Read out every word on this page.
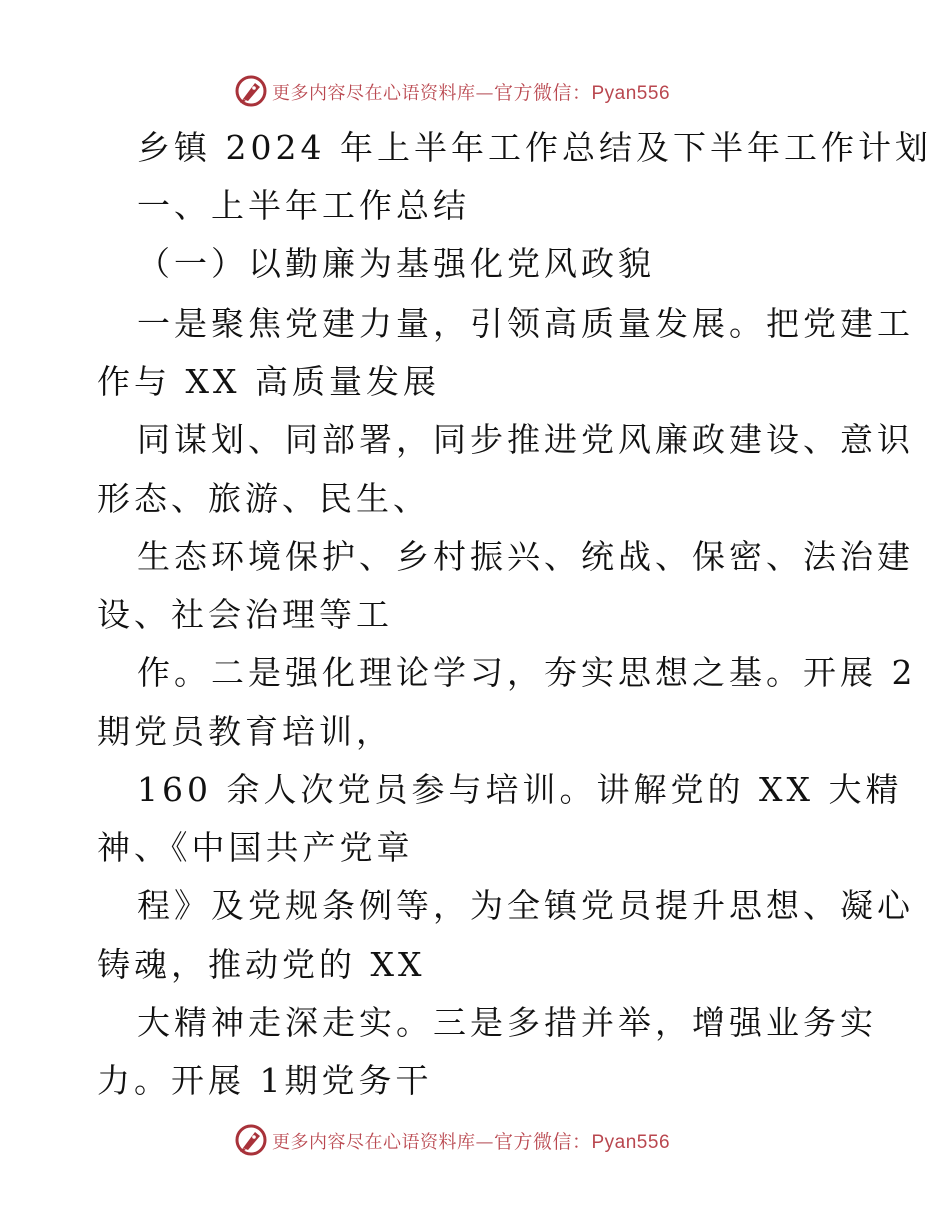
更多内容尽在心语资料库—官方微信：Pyan556
乡镇 2024 年上半年工作总结及下半年工作计划
一、上半年工作总结
（一）以勤廉为基强化党风政貌
一是聚焦党建力量，引领高质量发展。把党建工
作与 XX 高质量发展
同谋划、同部署，同步推进党风廉政建设、意识
形态、旅游、民生、
生态环境保护、乡村振兴、统战、保密、法治建
设、社会治理等工
作。二是强化理论学习，夯实思想之基。开展 2
期党员教育培训，
160 余人次党员参与培训。讲解党的 XX 大精
神、《中国共产党章
程》及党规条例等，为全镇党员提升思想、凝心
铸魂，推动党的 XX
大精神走深走实。三是多措并举，增强业务实
力。开展 1期党务干
更多内容尽在心语资料库—官方微信：Pyan556
